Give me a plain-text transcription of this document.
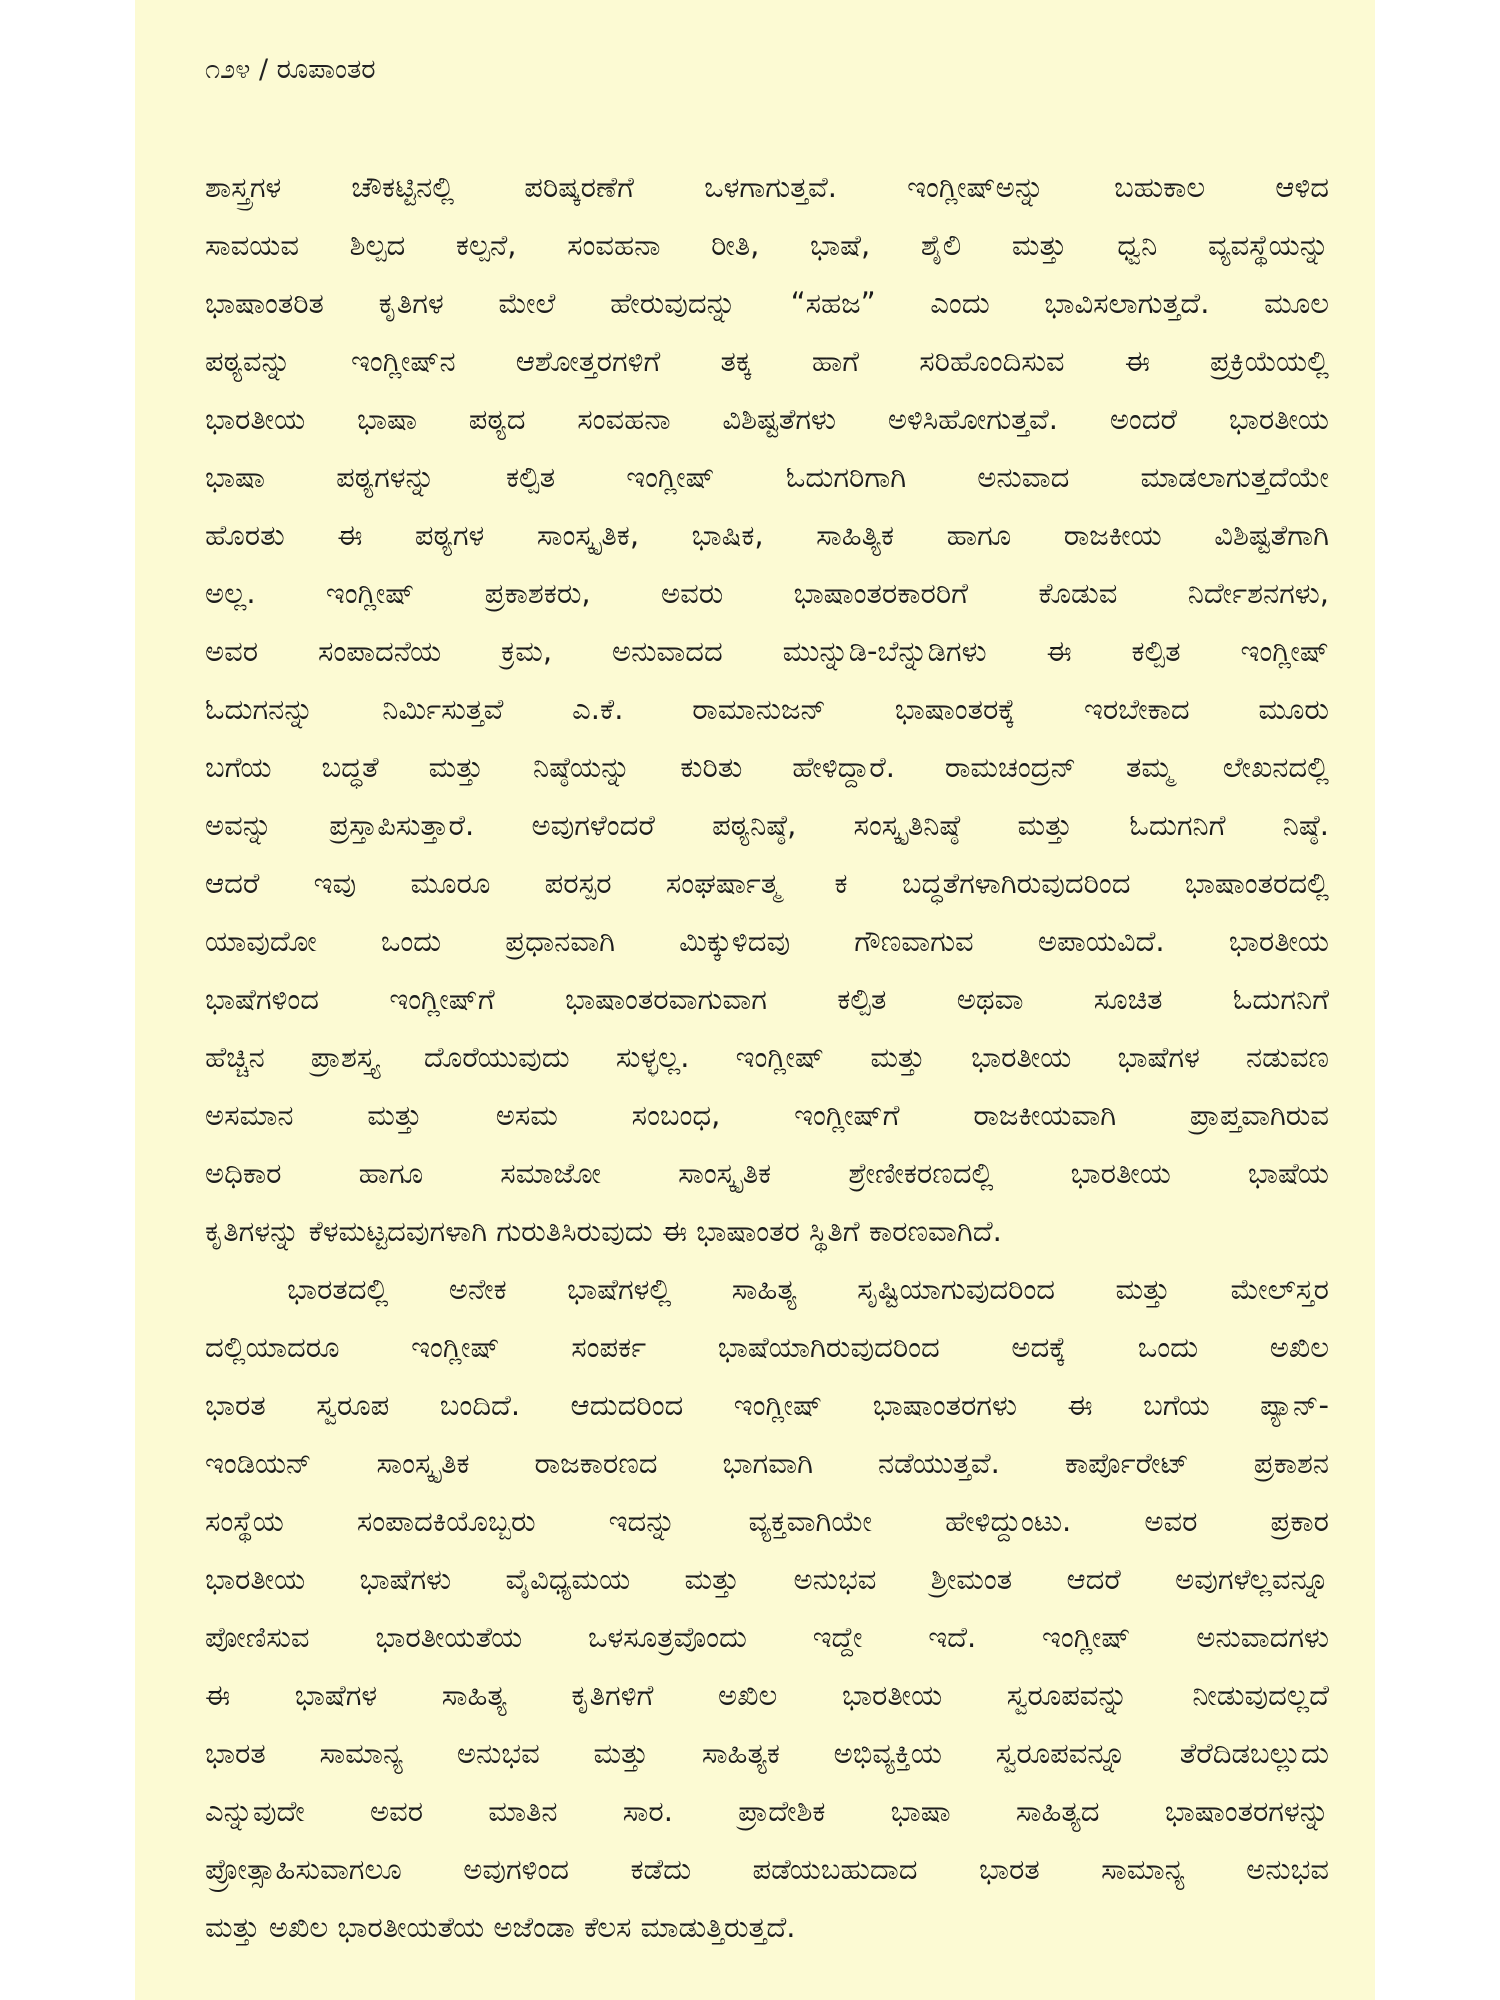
೧೨೪ / ರೂಪಾಂತರ
ಶಾಸ್ತ್ರಗಳ ಚೌಕಟ್ಟಿನಲ್ಲಿ ಪರಿಷ್ಕರಣೆಗೆ ಒಳಗಾಗುತ್ತವೆ. ಇಂಗ್ಲೀಷ್‌ಅನ್ನು ಬಹುಕಾಲ ಆಳಿದ
ಸಾವಯವ ಶಿಲ್ಪದ ಕಲ್ಪನೆ, ಸಂವಹನಾ ರೀತಿ, ಭಾಷೆ, ಶೈಲಿ ಮತ್ತು ಧ್ವನಿ ವ್ಯವಸ್ಥೆಯನ್ನು
ಭಾಷಾಂತರಿತ ಕೃತಿಗಳ ಮೇಲೆ ಹೇರುವುದನ್ನು “ಸಹಜ” ಎಂದು ಭಾವಿಸಲಾಗುತ್ತದೆ. ಮೂಲ
ಪಠ್ಯವನ್ನು ಇಂಗ್ಲೀಷ್‌ನ ಆಶೋತ್ತರಗಳಿಗೆ ತಕ್ಕ ಹಾಗೆ ಸರಿಹೊಂದಿಸುವ ಈ ಪ್ರಕ್ರಿಯೆಯಲ್ಲಿ
ಭಾರತೀಯ ಭಾಷಾ ಪಠ್ಯದ ಸಂವಹನಾ ವಿಶಿಷ್ಟತೆಗಳು ಅಳಿಸಿಹೋಗುತ್ತವೆ. ಅಂದರೆ ಭಾರತೀಯ
ಭಾಷಾ ಪಠ್ಯಗಳನ್ನು ಕಲ್ಪಿತ ಇಂಗ್ಲೀಷ್ ಓದುಗರಿಗಾಗಿ ಅನುವಾದ ಮಾಡಲಾಗುತ್ತದೆಯೇ
ಹೊರತು ಈ ಪಠ್ಯಗಳ ಸಾಂಸ್ಕೃತಿಕ, ಭಾಷಿಕ, ಸಾಹಿತ್ಯಿಕ ಹಾಗೂ ರಾಜಕೀಯ ವಿಶಿಷ್ಟತೆಗಾಗಿ
ಅಲ್ಲ. ಇಂಗ್ಲೀಷ್ ಪ್ರಕಾಶಕರು, ಅವರು ಭಾಷಾಂತರಕಾರರಿಗೆ ಕೊಡುವ ನಿರ್ದೇಶನಗಳು,
ಅವರ ಸಂಪಾದನೆಯ ಕ್ರಮ, ಅನುವಾದದ ಮುನ್ನುಡಿ-ಬೆನ್ನುಡಿಗಳು ಈ ಕಲ್ಪಿತ ಇಂಗ್ಲೀಷ್
ಓದುಗನನ್ನು ನಿರ್ಮಿಸುತ್ತವೆ ಎ.ಕೆ. ರಾಮಾನುಜನ್ ಭಾಷಾಂತರಕ್ಕೆ ಇರಬೇಕಾದ ಮೂರು
ಬಗೆಯ ಬದ್ಧತೆ ಮತ್ತು ನಿಷ್ಠೆಯನ್ನು ಕುರಿತು ಹೇಳಿದ್ದಾರೆ. ರಾಮಚಂದ್ರನ್ ತಮ್ಮ ಲೇಖನದಲ್ಲಿ
ಅವನ್ನು ಪ್ರಸ್ತಾಪಿಸುತ್ತಾರೆ. ಅವುಗಳೆಂದರೆ ಪಠ್ಯನಿಷ್ಠೆ, ಸಂಸ್ಕೃತಿನಿಷ್ಠೆ ಮತ್ತು ಓದುಗನಿಗೆ ನಿಷ್ಠೆ.
ಆದರೆ ಇವು ಮೂರೂ ಪರಸ್ಪರ ಸಂಘರ್ಷಾತ್ಮ ಕ ಬದ್ಧತೆಗಳಾಗಿರುವುದರಿಂದ ಭಾಷಾಂತರದಲ್ಲಿ
ಯಾವುದೋ ಒಂದು ಪ್ರಧಾನವಾಗಿ ಮಿಕ್ಕುಳಿದವು ಗೌಣವಾಗುವ ಅಪಾಯವಿದೆ. ಭಾರತೀಯ
ಭಾಷೆಗಳಿಂದ ಇಂಗ್ಲೀಷ್‌ಗೆ ಭಾಷಾಂತರವಾಗುವಾಗ ಕಲ್ಪಿತ ಅಥವಾ ಸೂಚಿತ ಓದುಗನಿಗೆ
ಹೆಚ್ಚಿನ ಪ್ರಾಶಸ್ತ್ಯ ದೊರೆಯುವುದು ಸುಳ್ಳಲ್ಲ. ಇಂಗ್ಲೀಷ್ ಮತ್ತು ಭಾರತೀಯ ಭಾಷೆಗಳ ನಡುವಣ
ಅಸಮಾನ ಮತ್ತು ಅಸಮ ಸಂಬಂಧ, ಇಂಗ್ಲೀಷ್‌ಗೆ ರಾಜಕೀಯವಾಗಿ ಪ್ರಾಪ್ತವಾಗಿರುವ
ಅಧಿಕಾರ ಹಾಗೂ ಸಮಾಜೋ ಸಾಂಸ್ಕೃತಿಕ ಶ್ರೇಣೀಕರಣದಲ್ಲಿ ಭಾರತೀಯ ಭಾಷೆಯ
ಕೃತಿಗಳನ್ನು ಕೆಳಮಟ್ಟದವುಗಳಾಗಿ ಗುರುತಿಸಿರುವುದು ಈ ಭಾಷಾಂತರ ಸ್ಥಿತಿಗೆ ಕಾರಣವಾಗಿದೆ.
ಭಾರತದಲ್ಲಿ ಅನೇಕ ಭಾಷೆಗಳಲ್ಲಿ ಸಾಹಿತ್ಯ ಸೃಷ್ಟಿಯಾಗುವುದರಿಂದ ಮತ್ತು ಮೇಲ್‌ಸ್ತರ
ದಲ್ಲಿಯಾದರೂ ಇಂಗ್ಲೀಷ್ ಸಂಪರ್ಕ ಭಾಷೆಯಾಗಿರುವುದರಿಂದ ಅದಕ್ಕೆ ಒಂದು ಅಖಿಲ
ಭಾರತ ಸ್ವರೂಪ ಬಂದಿದೆ. ಆದುದರಿಂದ ಇಂಗ್ಲೀಷ್ ಭಾಷಾಂತರಗಳು ಈ ಬಗೆಯ ಪ್ಯಾನ್-
ಇಂಡಿಯನ್ ಸಾಂಸ್ಕೃತಿಕ ರಾಜಕಾರಣದ ಭಾಗವಾಗಿ ನಡೆಯುತ್ತವೆ. ಕಾರ್ಪೊರೇಟ್ ಪ್ರಕಾಶನ
ಸಂಸ್ಥೆಯ ಸಂಪಾದಕಿಯೊಬ್ಬರು ಇದನ್ನು ವ್ಯಕ್ತವಾಗಿಯೇ ಹೇಳಿದ್ದುಂಟು. ಅವರ ಪ್ರಕಾರ
ಭಾರತೀಯ ಭಾಷೆಗಳು ವೈವಿಧ್ಯಮಯ ಮತ್ತು ಅನುಭವ ಶ್ರೀಮಂತ ಆದರೆ ಅವುಗಳೆಲ್ಲವನ್ನೂ
ಪೋಣಿಸುವ ಭಾರತೀಯತೆಯ ಒಳಸೂತ್ರವೊಂದು ಇದ್ದೇ ಇದೆ. ಇಂಗ್ಲೀಷ್ ಅನುವಾದಗಳು
ಈ ಭಾಷೆಗಳ ಸಾಹಿತ್ಯ ಕೃತಿಗಳಿಗೆ ಅಖಿಲ ಭಾರತೀಯ ಸ್ವರೂಪವನ್ನು ನೀಡುವುದಲ್ಲದೆ
ಭಾರತ ಸಾಮಾನ್ಯ ಅನುಭವ ಮತ್ತು ಸಾಹಿತ್ಯಕ ಅಭಿವ್ಯಕ್ತಿಯ ಸ್ವರೂಪವನ್ನೂ ತೆರೆದಿಡಬಲ್ಲುದು
ಎನ್ನುವುದೇ ಅವರ ಮಾತಿನ ಸಾರ. ಪ್ರಾದೇಶಿಕ ಭಾಷಾ ಸಾಹಿತ್ಯದ ಭಾಷಾಂತರಗಳನ್ನು
ಪ್ರೋತ್ಸಾಹಿಸುವಾಗಲೂ ಅವುಗಳಿಂದ ಕಡೆದು ಪಡೆಯಬಹುದಾದ ಭಾರತ ಸಾಮಾನ್ಯ ಅನುಭವ
ಮತ್ತು ಅಖಿಲ ಭಾರತೀಯತೆಯ ಅಜೆಂಡಾ ಕೆಲಸ ಮಾಡುತ್ತಿರುತ್ತದೆ.
